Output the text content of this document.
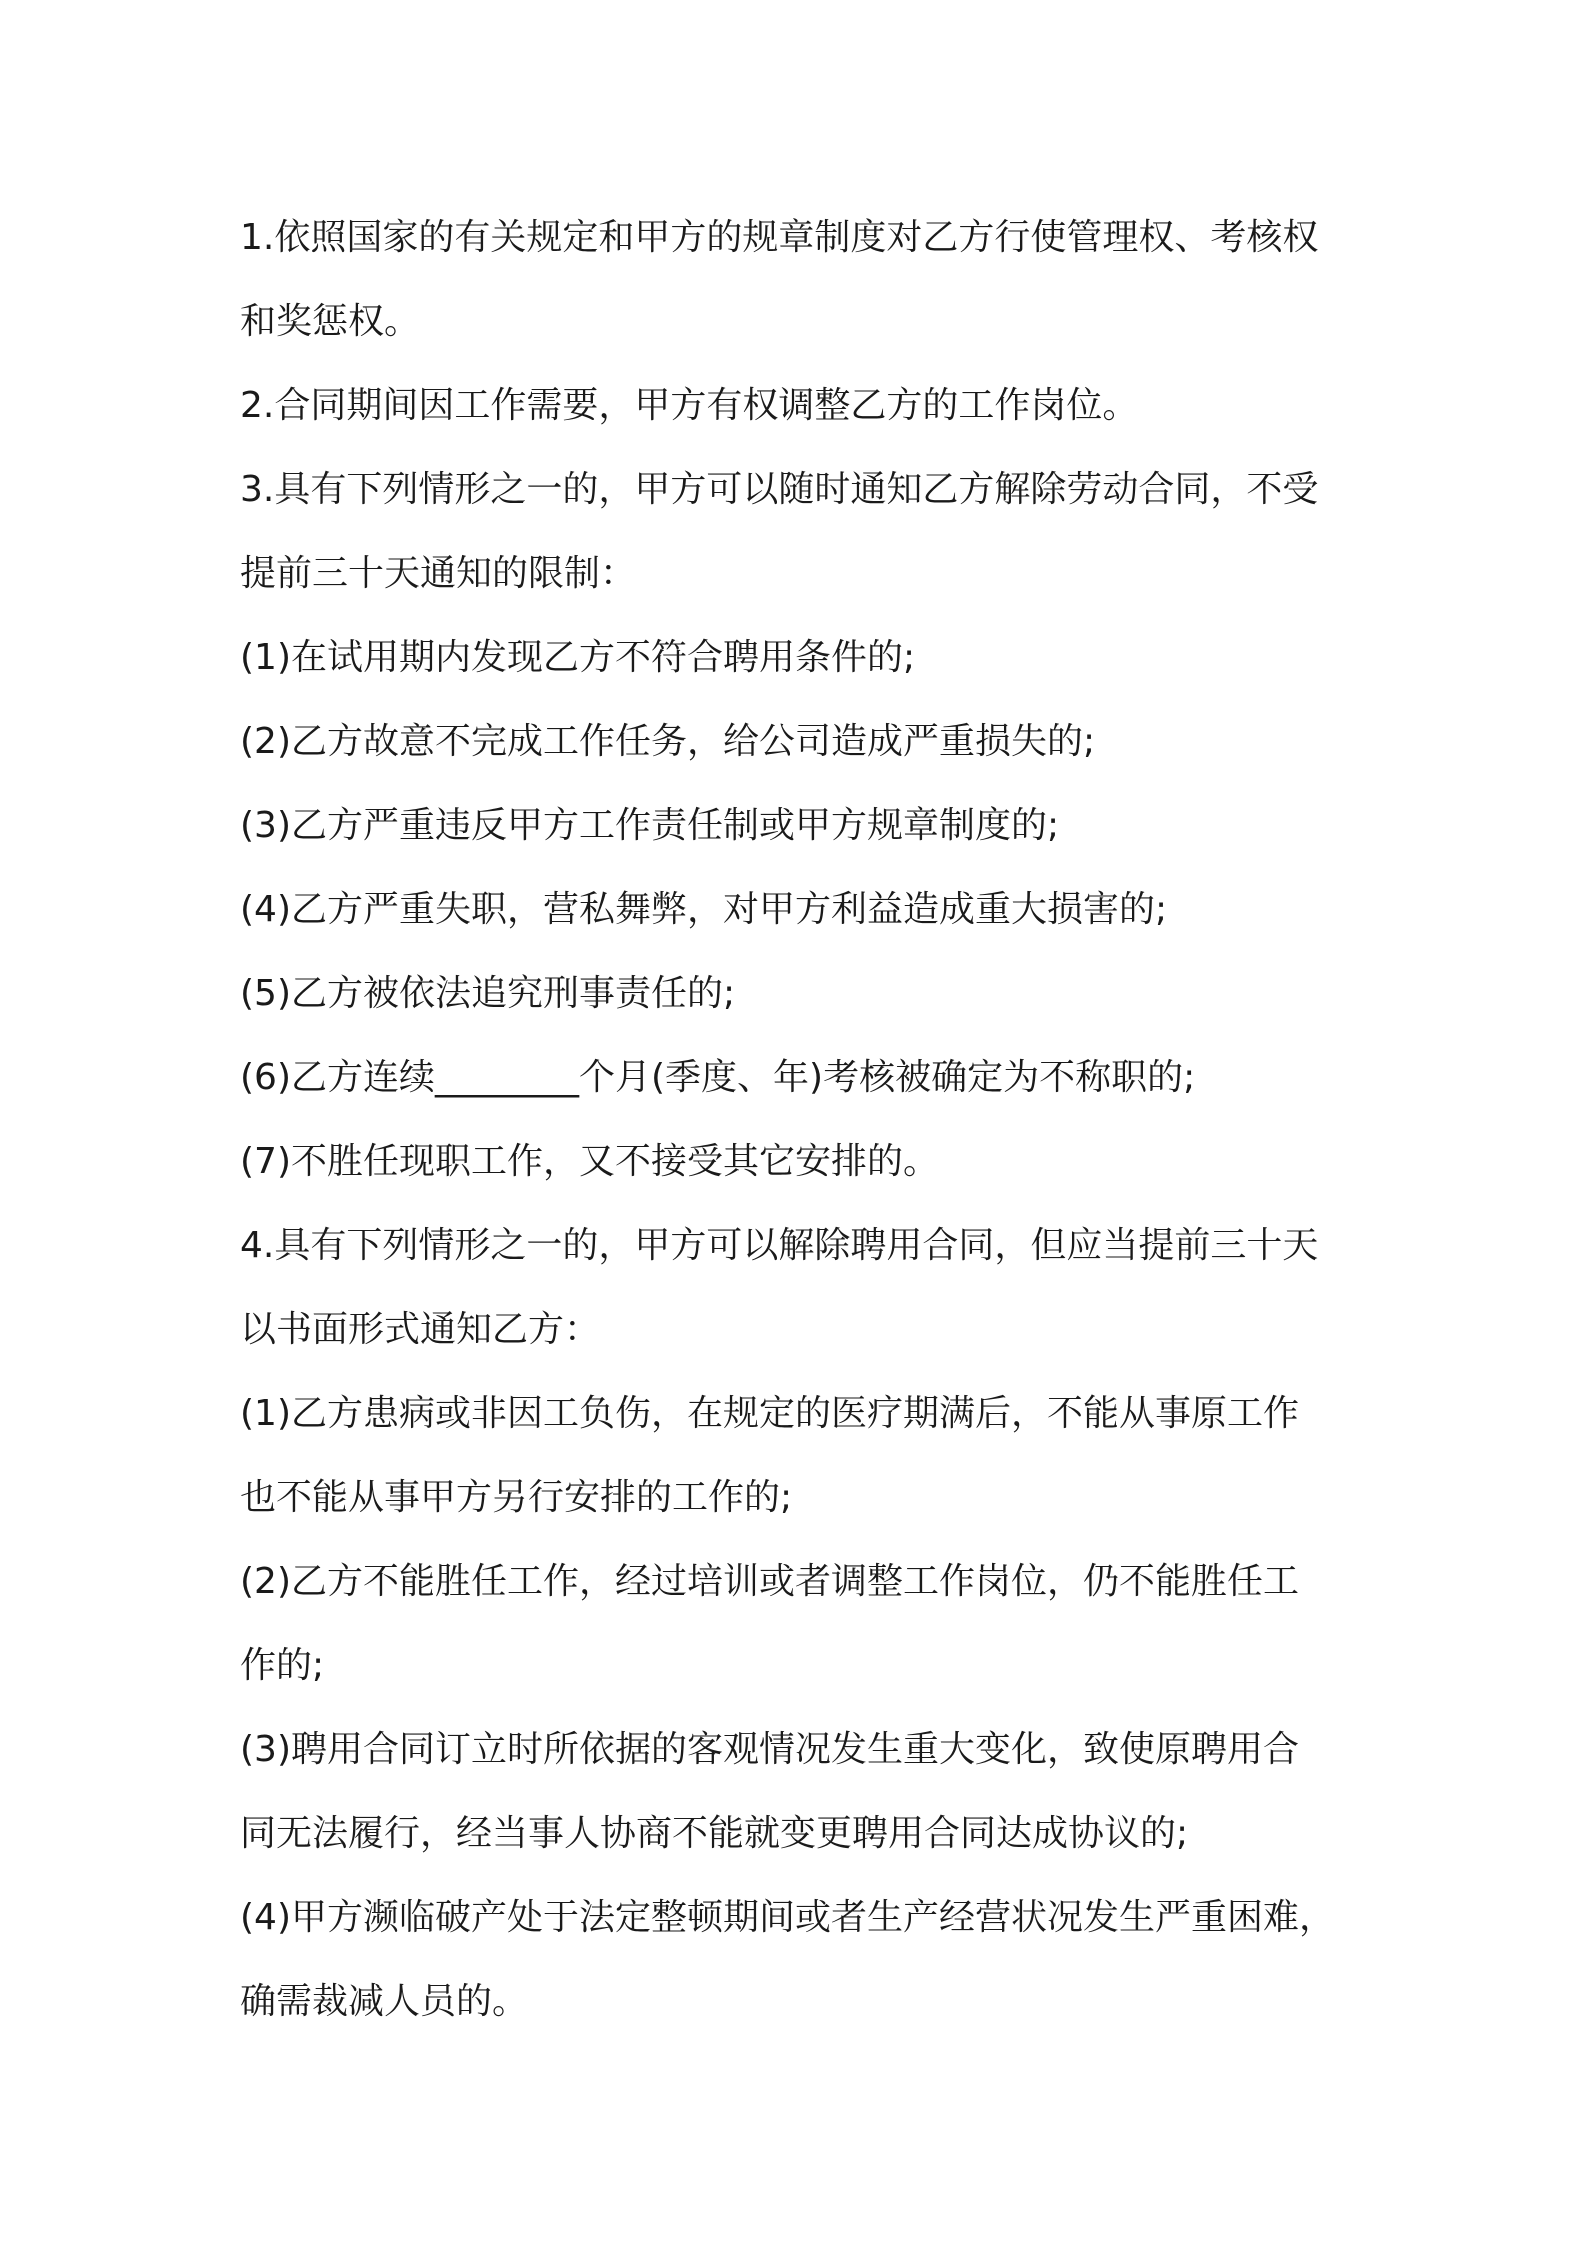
1.依照国家的有关规定和甲方的规章制度对乙方行使管理权、考核权
和奖惩权。
2.合同期间因工作需要，甲方有权调整乙方的工作岗位。
3.具有下列情形之一的，甲方可以随时通知乙方解除劳动合同，不受
提前三十天通知的限制：
(1)在试用期内发现乙方不符合聘用条件的;
(2)乙方故意不完成工作任务，给公司造成严重损失的;
(3)乙方严重违反甲方工作责任制或甲方规章制度的;
(4)乙方严重失职，营私舞弊，对甲方利益造成重大损害的;
(5)乙方被依法追究刑事责任的;
(6)乙方连续________个月(季度、年)考核被确定为不称职的;
(7)不胜任现职工作，又不接受其它安排的。
4.具有下列情形之一的，甲方可以解除聘用合同，但应当提前三十天
以书面形式通知乙方：
(1)乙方患病或非因工负伤，在规定的医疗期满后，不能从事原工作
也不能从事甲方另行安排的工作的;
(2)乙方不能胜任工作，经过培训或者调整工作岗位，仍不能胜任工
作的;
(3)聘用合同订立时所依据的客观情况发生重大变化，致使原聘用合
同无法履行，经当事人协商不能就变更聘用合同达成协议的;
(4)甲方濒临破产处于法定整顿期间或者生产经营状况发生严重困难，
确需裁减人员的。
